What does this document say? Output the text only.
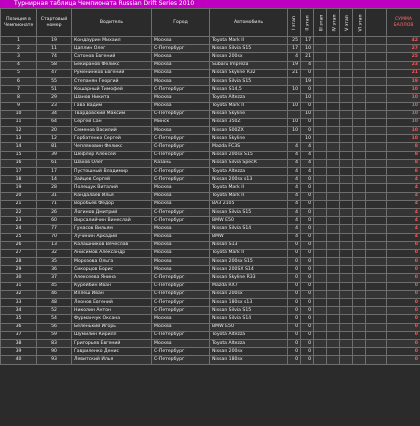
Турнирная таблица Чемпионата Russian Drift Series 2010
Позиция в Чемпионате	Стартовый номер	Водитель	Город	Автомобиль	I этап	II этап	III этап	IV этап	V этап	VI этап		СУММА БАЛЛОВ
1	19	Кондаурин Михаил	Москва	Toyota Mark II	25	17						42
2	11	Цаплин Олег	С-Петербург	Nissan Silvia S15	17	10						27
3	74	Сатонов Евгений	Москва	Nissan 200sx	4	21						25
4	58	Бекиранов Феликс	Москва	Subaru Impreza	19	4						23
5	47	Руменинков Евгений	Москва	Nissan Skyline R32	21	0						21
6	55	Степанян Георгий	Москва	Nissan Silvia S15		19						19
7	51	Кошарный Тимофей	С-Петербург	Nissan S14,5	10	0						10
8	29	Шанов Никита	Москва	Toyota Altezza		10						10
9	23	Гава Вадим	Москва	Toyota Mark II	10	0						10
10	34	Твардовский Максим	С-Петербург	Nissan Skyline		10						10
11	64	Сергей Сан	Минск	Nissan 350Z	10	0						10
12	20	Семенов Василий	Москва	Nissan S00ZX	10	0						10
13	12	Горбатенко Сергей	С-Петербург	Nissan Skyline		10						10
14	81	Чепляковин Феликс	С-Петербург	Mazda FC3S	4	4						8
15	39	Шефлер Алексей	С-Петербург	Nissan 200sx S15	4	4						8
16	61	Шахов Олег	Казань	Nissan Silvia SpecR	4	4						8
17	17	Пустошный Владимир	С-Петербург	Toyota Altezza	4	4						8
18	14	Зайцев Сергей	С-Петербург	Nissan 200sx s13	4	0						4
19	28	Полещук Виталий	Москва	Toyota Mark II	4	0						4
20	31	Кандалаев Илья	Москва	Toyota Mark II	4	0						4
21	71	Воробьев Федор	Москва	ВАЗ 2105	4	0						4
22	26	Логинов Дмитрий	С-Петербург	Nissan Silvia S15	4	0						4
23	60	Вирсалийчин Винеслай	С-Петербург	BMW E50	4	0						4
24	77	Гунасов Вильям	Москва	Nissan Silvia S14	4	0						4
25	70	Лучинин Аркадий	Москва	BMW	4	0						4
26	13	Калашников Вячеслав	Москва	Nissan S13	0	0						0
27	32	Анисимов Александр	Москва	Toyota Mark II	0	0						0
28	35	Морозова Ольга	Москва	Nissan 200sx S15	0	0						0
29	36	Сикорцов Борис	Москва	Nissan 200SX S14	0	0						0
30	37	Алексеева Янина	С-Петербург	Nissan Skyline R33	0	0						0
31	45	Курейбин Иван	С-Петербург	Mazda RX7	0	0						0
32	46	Иллеш Иван	С-Петербург	Nissan 200sx	0	0						0
33	48	Леонов Евгений	С-Петербург	Nissan 180sx s13	0	0						0
34	52	Николин Антон	С-Петербург	Nissan Silvia S15	0	0						0
35	54	Фурманчук Оксана	Москва	Nissan Silvia S14	0	0						0
36	56	Беленький Игорь	Москва	BMW E50	0	0						0
37	59	Шумилин Кирилл	С-Петербург	Toyota Altezza	0	0						0
38	83	Григорьев Евгений	Москва	Toyota Altezza	0	0						0
39	90	Гавриленко Денис	С-Петербург	Nissan 200sx	0	0						0
40	93	Левитский Илья	С-Петербург	Nissan 180sx	0	0						0
